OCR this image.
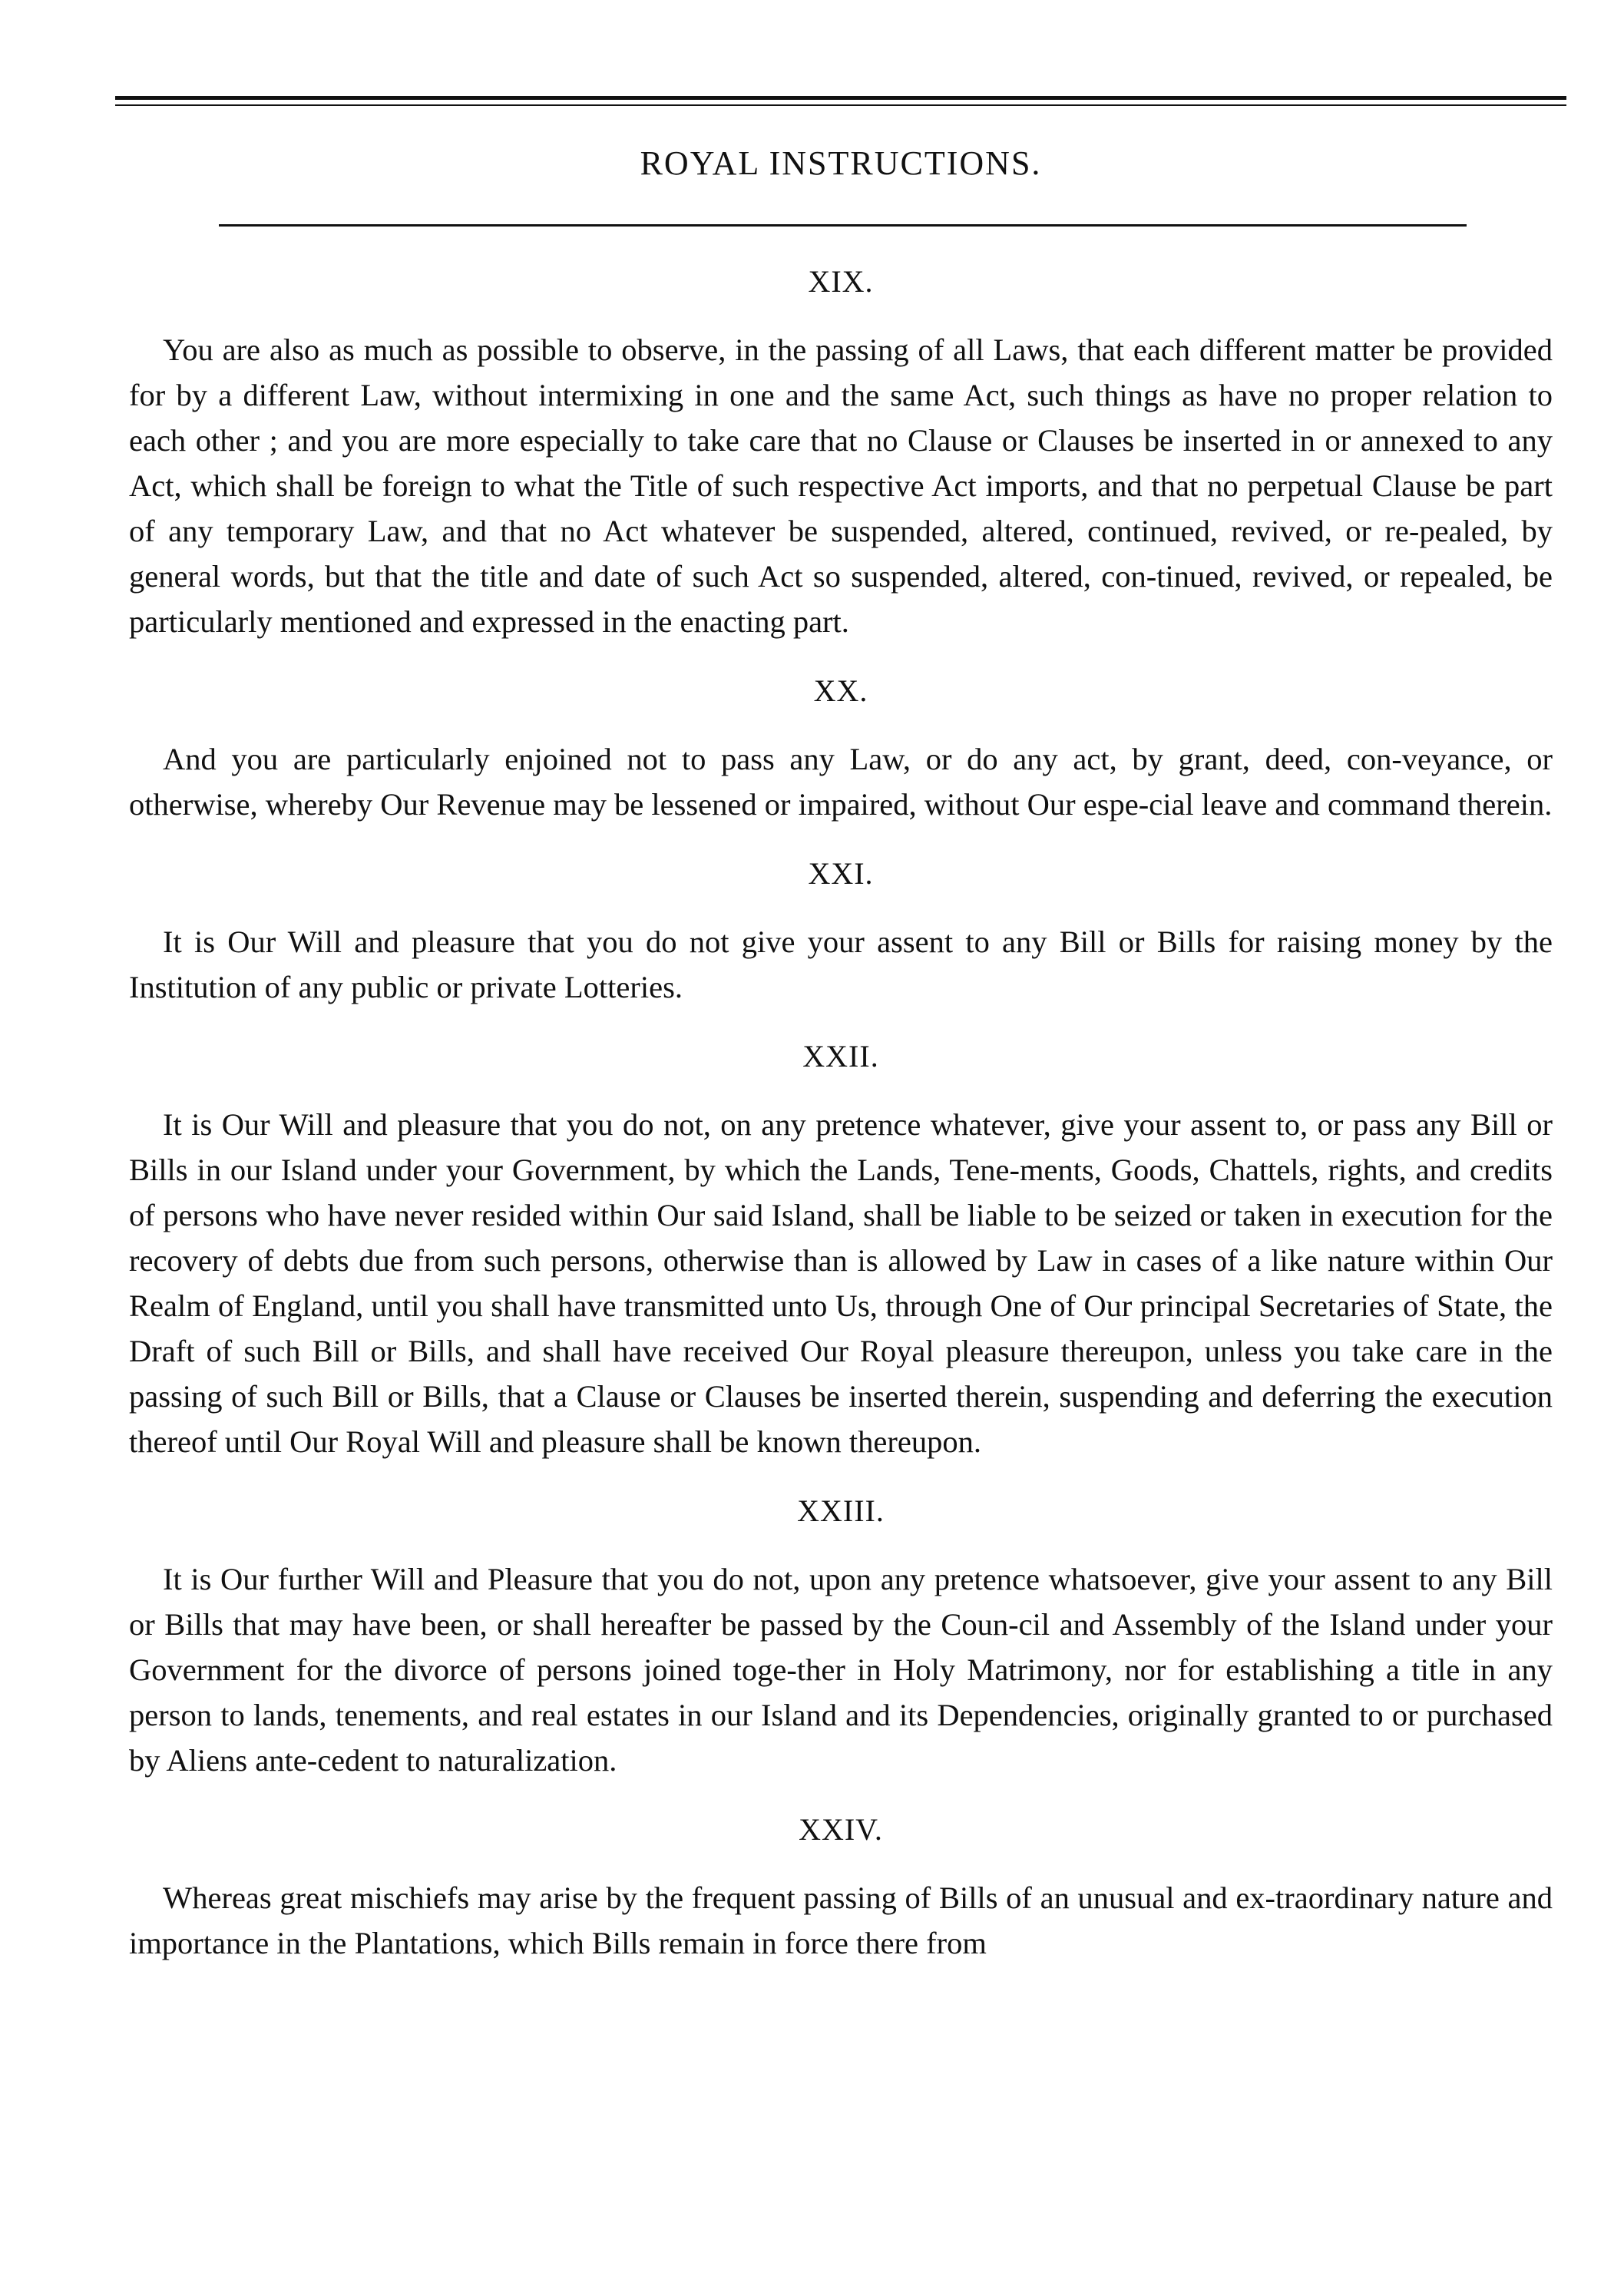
ROYAL INSTRUCTIONS.
XIX.

You are also as much as possible to observe, in the passing of all Laws, that each different matter be provided for by a different Law, without intermixing in one and the same Act, such things as have no proper relation to each other ; and you are more especially to take care that no Clause or Clauses be inserted in or annexed to any Act, which shall be foreign to what the Title of such respective Act imports, and that no perpetual Clause be part of any temporary Law, and that no Act whatever be suspended, altered, continued, revived, or re-pealed, by general words, but that the title and date of such Act so suspended, altered, con-tinued, revived, or repealed, be particularly mentioned and expressed in the enacting part.

XX.

And you are particularly enjoined not to pass any Law, or do any act, by grant, deed, con-veyance, or otherwise, whereby Our Revenue may be lessened or impaired, without Our espe-cial leave and command therein.

XXI.

It is Our Will and pleasure that you do not give your assent to any Bill or Bills for raising money by the Institution of any public or private Lotteries.

XXII.

It is Our Will and pleasure that you do not, on any pretence whatever, give your assent to, or pass any Bill or Bills in our Island under your Government, by which the Lands, Tene-ments, Goods, Chattels, rights, and credits of persons who have never resided within Our said Island, shall be liable to be seized or taken in execution for the recovery of debts due from such persons, otherwise than is allowed by Law in cases of a like nature within Our Realm of England, until you shall have transmitted unto Us, through One of Our principal Secretaries of State, the Draft of such Bill or Bills, and shall have received Our Royal pleasure thereupon, unless you take care in the passing of such Bill or Bills, that a Clause or Clauses be inserted therein, suspending and deferring the execution thereof until Our Royal Will and pleasure shall be known thereupon.

XXIII.

It is Our further Will and Pleasure that you do not, upon any pretence whatsoever, give your assent to any Bill or Bills that may have been, or shall hereafter be passed by the Coun-cil and Assembly of the Island under your Government for the divorce of persons joined toge-ther in Holy Matrimony, nor for establishing a title in any person to lands, tenements, and real estates in our Island and its Dependencies, originally granted to or purchased by Aliens ante-cedent to naturalization.

XXIV.

Whereas great mischiefs may arise by the frequent passing of Bills of an unusual and ex-traordinary nature and importance in the Plantations, which Bills remain in force there from
